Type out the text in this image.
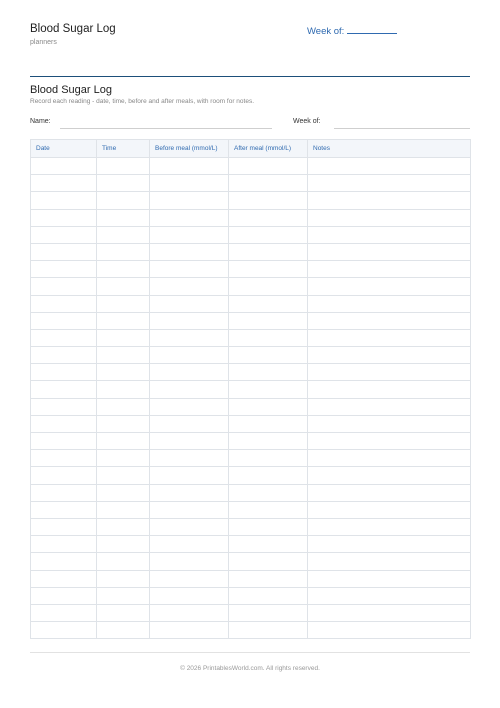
Blood Sugar Log
planners
Week of:
Blood Sugar Log
Record each reading - date, time, before and after meals, with room for notes.
Name:	Week of:
Date	Time	Before meal (mmol/L)	After meal (mmol/L)	Notes

© 2026 PrintablesWorld.com. All rights reserved.
